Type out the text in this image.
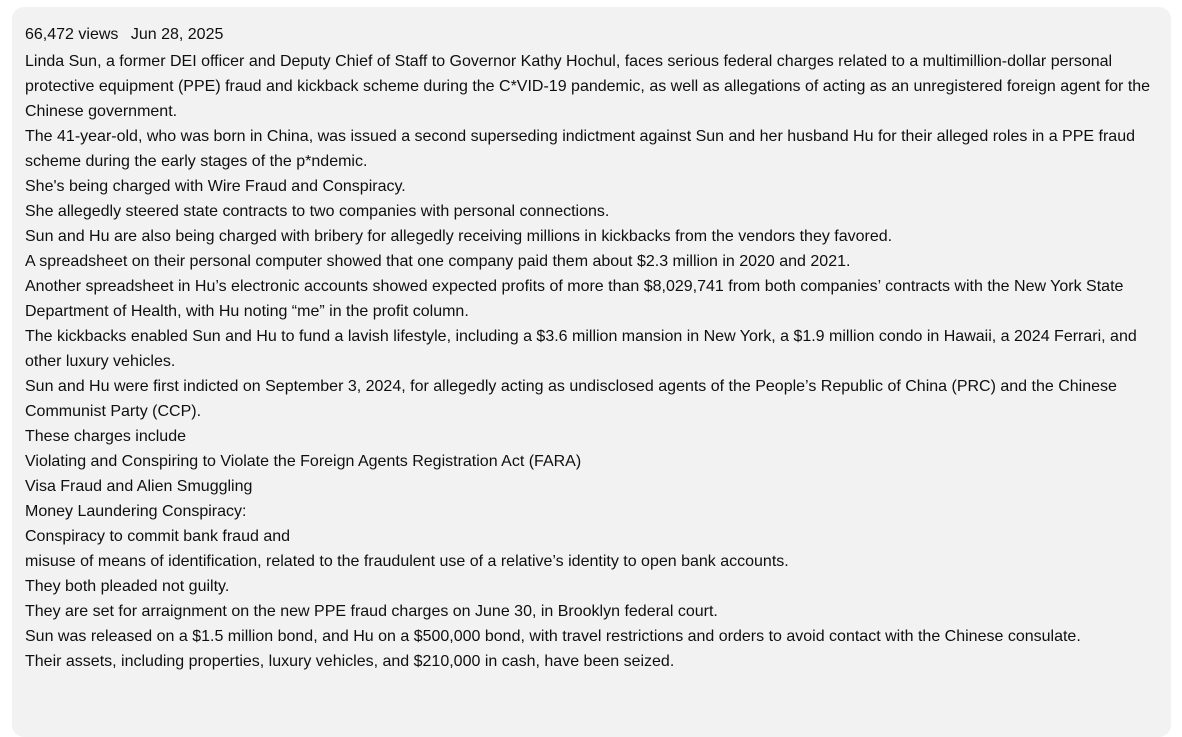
66,472 views Jun 28, 2025

Linda Sun, a former DEI officer and Deputy Chief of Staff to Governor Kathy Hochul, faces serious federal charges related to a multimillion-dollar personal protective equipment (PPE) fraud and kickback scheme during the C*VID-19 pandemic, as well as allegations of acting as an unregistered foreign agent for the Chinese government.

The 41-year-old, who was born in China, was issued a second superseding indictment against Sun and her husband Hu for their alleged roles in a PPE fraud scheme during the early stages of the p*ndemic.

She's being charged with Wire Fraud and Conspiracy.

She allegedly steered state contracts to two companies with personal connections.

Sun and Hu are also being charged with bribery for allegedly receiving millions in kickbacks from the vendors they favored.

A spreadsheet on their personal computer showed that one company paid them about $2.3 million in 2020 and 2021.

Another spreadsheet in Hu’s electronic accounts showed expected profits of more than $8,029,741 from both companies’ contracts with the New York State Department of Health, with Hu noting “me” in the profit column.

The kickbacks enabled Sun and Hu to fund a lavish lifestyle, including a $3.6 million mansion in New York, a $1.9 million condo in Hawaii, a 2024 Ferrari, and other luxury vehicles.

Sun and Hu were first indicted on September 3, 2024, for allegedly acting as undisclosed agents of the People’s Republic of China (PRC) and the Chinese Communist Party (CCP).

These charges include

Violating and Conspiring to Violate the Foreign Agents Registration Act (FARA)

Visa Fraud and Alien Smuggling

Money Laundering Conspiracy:

Conspiracy to commit bank fraud and

misuse of means of identification, related to the fraudulent use of a relative’s identity to open bank accounts.

They both pleaded not guilty.

They are set for arraignment on the new PPE fraud charges on June 30, in Brooklyn federal court.

Sun was released on a $1.5 million bond, and Hu on a $500,000 bond, with travel restrictions and orders to avoid contact with the Chinese consulate.

Their assets, including properties, luxury vehicles, and $210,000 in cash, have been seized.
